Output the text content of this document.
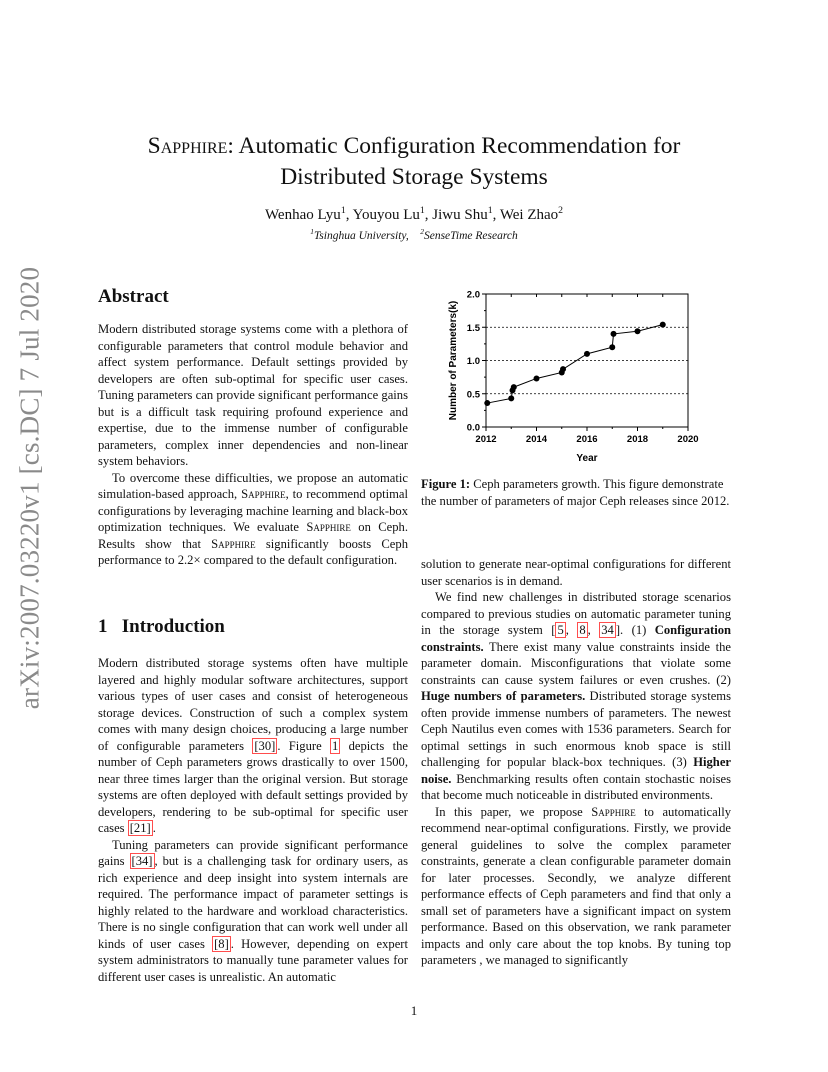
arXiv:2007.03220v1 [cs.DC] 7 Jul 2020
Sapphire: Automatic Configuration Recommendation for
Distributed Storage Systems
Wenhao Lyu$^1$, Youyou Lu$^1$, Jiwu Shu$^1$, Wei Zhao$^2$
$^1$Tsinghua University, $^2$SenseTime Research
Abstract

Modern distributed storage systems come with a plethora of configurable parameters that control module behavior and affect system performance. Default settings provided by developers are often sub-optimal for specific user cases. Tuning parameters can provide significant performance gains but is a difficult task requiring profound experience and expertise, due to the immense number of configurable parameters, complex inner dependencies and non-linear system behaviors.

To overcome these difficulties, we propose an automatic simulation-based approach, Sapphire, to recommend optimal configurations by leveraging machine learning and black-box optimization techniques. We evaluate Sapphire on Ceph. Results show that Sapphire significantly boosts Ceph performance to 2.2× compared to the default configuration.

1 Introduction

Modern distributed storage systems often have multiple layered and highly modular software architectures, support various types of user cases and consist of heterogeneous storage devices. Construction of such a complex system comes with many design choices, producing a large number of configurable parameters [30] . Figure 1 depicts the number of Ceph parameters grows drastically to over 1500, near three times larger than the original version. But storage systems are often deployed with default settings provided by developers, rendering to be sub-optimal for specific user cases [21] .

Tuning parameters can provide significant performance gains [34] , but is a challenging task for ordinary users, as rich experience and deep insight into system internals are required. The performance impact of parameter settings is highly related to the hardware and workload characteristics. There is no single configuration that can work well under all kinds of user cases [8] . However, depending on expert system administrators to manually tune parameter values for different user cases is unrealistic. An automatic

0.0
0.5
1.0
1.5
2.0
2012	2014	2016	2018	2020
Year
Number of Parameters(k)
Figure 1: Ceph parameters growth. This figure demonstrate the number of parameters of major Ceph releases since 2012.

solution to generate near-optimal configurations for different user scenarios is in demand.

We find new challenges in distributed storage scenarios compared to previous studies on automatic parameter tuning in the storage system [ 5 , 8 , 34 ]. (1) Configuration constraints. There exist many value constraints inside the parameter domain. Misconfigurations that violate some constraints can cause system failures or even crushes. (2) Huge numbers of parameters. Distributed storage systems often provide immense numbers of parameters. The newest Ceph Nautilus even comes with 1536 parameters. Search for optimal settings in such enormous knob space is still challenging for popular black-box techniques. (3) Higher noise. Benchmarking results often contain stochastic noises that become much noticeable in distributed environments.

In this paper, we propose Sapphire to automatically recommend near-optimal configurations. Firstly, we provide general guidelines to solve the complex parameter constraints, generate a clean configurable parameter domain for later processes. Secondly, we analyze different performance effects of Ceph parameters and find that only a small set of parameters have a significant impact on system performance. Based on this observation, we rank parameter impacts and only care about the top knobs. By tuning top parameters , we managed to significantly

1
